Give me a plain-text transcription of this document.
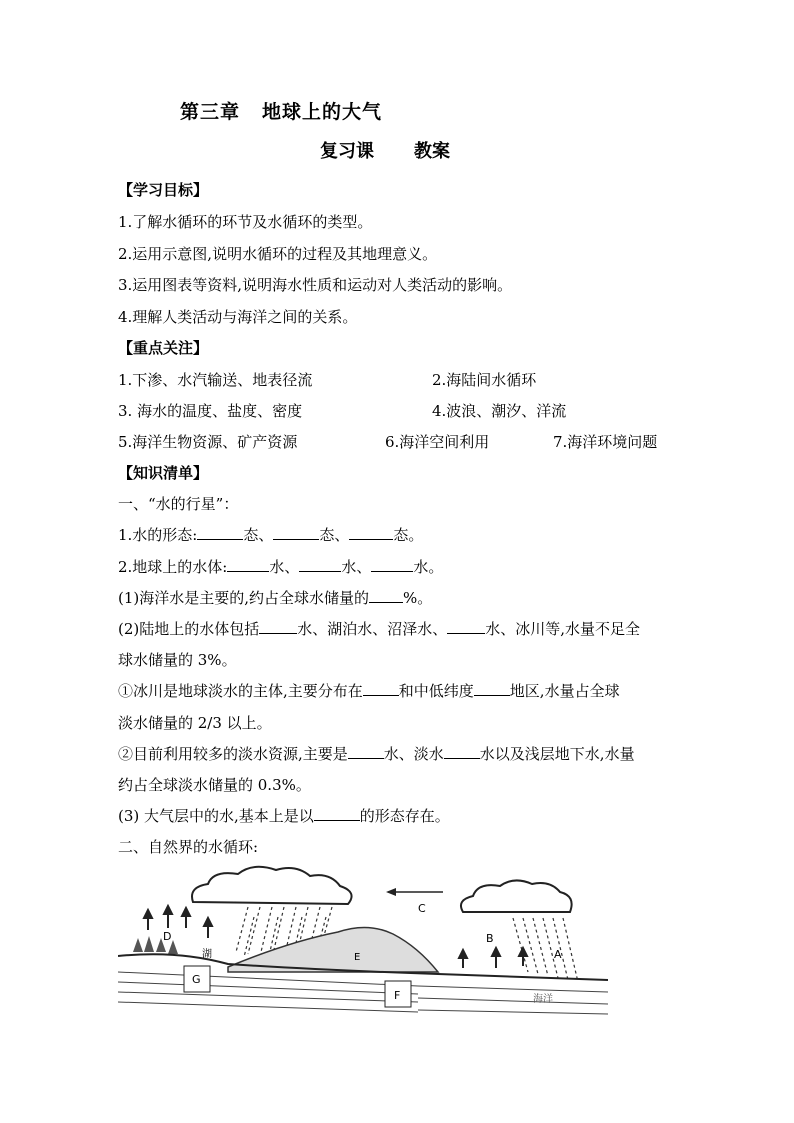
第三章 地球上的大气
复习课 教案
【学习目标】
1.了解水循环的环节及水循环的类型。
2.运用示意图,说明水循环的过程及其地理意义。
3.运用图表等资料,说明海水性质和运动对人类活动的影响。
4.理解人类活动与海洋之间的关系。
【重点关注】
1.下渗、水汽输送、地表径流	2.海陆间水循环
3. 海水的温度、盐度、密度	4.波浪、潮汐、洋流
5.海洋生物资源、矿产资源	6.海洋空间利用	7.海洋环境问题
【知识清单】
一、“水的行星”：
1.水的形态:	态、	态、	态。
2.地球上的水体:	水、	水、	水。
(1)海洋水是主要的,约占全球水储量的 %。
(2)陆地上的水体包括	水、湖泊水、沼泽水、	水、冰川等,水量不足全
球水储量的 3%。
①冰川是地球淡水的主体,主要分布在 和中低纬度 地区,水量占全球
淡水储量的 2/3 以上。
②目前利用较多的淡水资源,主要是 水、淡水 水以及浅层地下水,水量
约占全球淡水储量的 0.3%。
(3) 大气层中的水,基本上是以	的形态存在。
二、自然界的水循环:
C
A
D	B
E
湖
海洋
G
F
